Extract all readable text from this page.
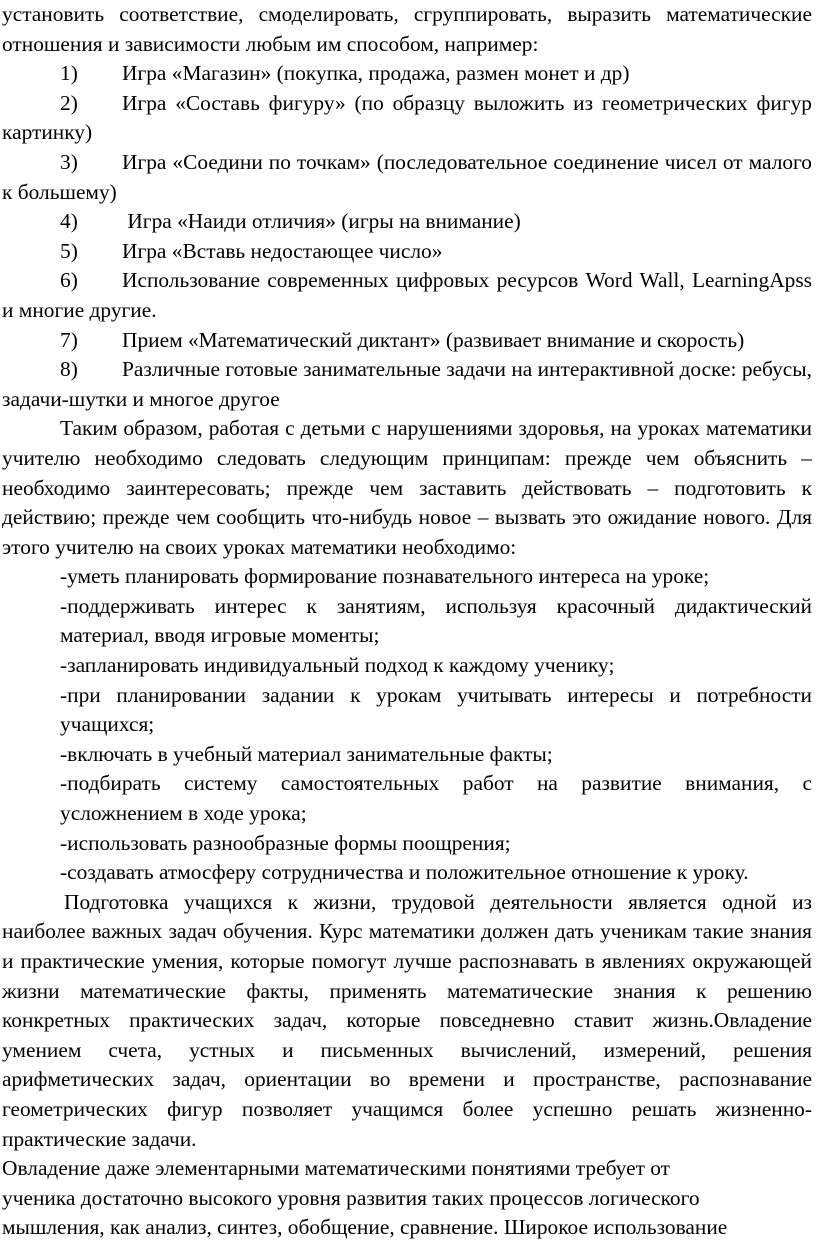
установить соответствие, смоделировать, сгруппировать, выразить математические отношения и зависимости любым им способом, например:

1) Игра «Магазин» (покупка, продажа, размен монет и др)

2) Игра «Составь фигуру» (по образцу выложить из геометрических фигур картинку)

3) Игра «Соедини по точкам» (последовательное соединение чисел от малого к большему)

4) Игра «Наиди отличия» (игры на внимание)

5) Игра «Вставь недостающее число»

6) Использование современных цифровых ресурсов Word Wall, LearningApss и многие другие.

7) Прием «Математический диктант» (развивает внимание и скорость)

8) Различные готовые занимательные задачи на интерактивной доске: ребусы, задачи-шутки и многое другое

Таким образом, работая с детьми с нарушениями здоровья, на уроках математики учителю необходимо следовать следующим принципам: прежде чем объяснить – необходимо заинтересовать; прежде чем заставить действовать – подготовить к действию; прежде чем сообщить что-нибудь новое – вызвать это ожидание нового. Для этого учителю на своих уроках математики необходимо:

-уметь планировать формирование познавательного интереса на уроке;

-поддерживать интерес к занятиям, используя красочный дидактический материал, вводя игровые моменты;

-запланировать индивидуальный подход к каждому ученику;

-при планировании задании к урокам учитывать интересы и потребности учащихся;

-включать в учебный материал занимательные факты;

-подбирать систему самостоятельных работ на развитие внимания, с усложнением в ходе урока;

-использовать разнообразные формы поощрения;

-создавать атмосферу сотрудничества и положительное отношение к уроку.

Подготовка учащихся к жизни, трудовой деятельности является одной из наиболее важных задач обучения. Курс математики должен дать ученикам такие знания и практические умения, которые помогут лучше распознавать в явлениях окружающей жизни математические факты, применять математические знания к решению конкретных практических задач, которые повседневно ставит жизнь.Овладение умением счета, устных и письменных вычислений, измерений, решения арифметических задач, ориентации во времени и пространстве, распознавание геометрических фигур позволяет учащимся более успешно решать жизненно-практические задачи.

Овладение даже элементарными математическими понятиями требует от

ученика достаточно высокого уровня развития таких процессов логического

мышления, как анализ, синтез, обобщение, сравнение. Широкое использование
